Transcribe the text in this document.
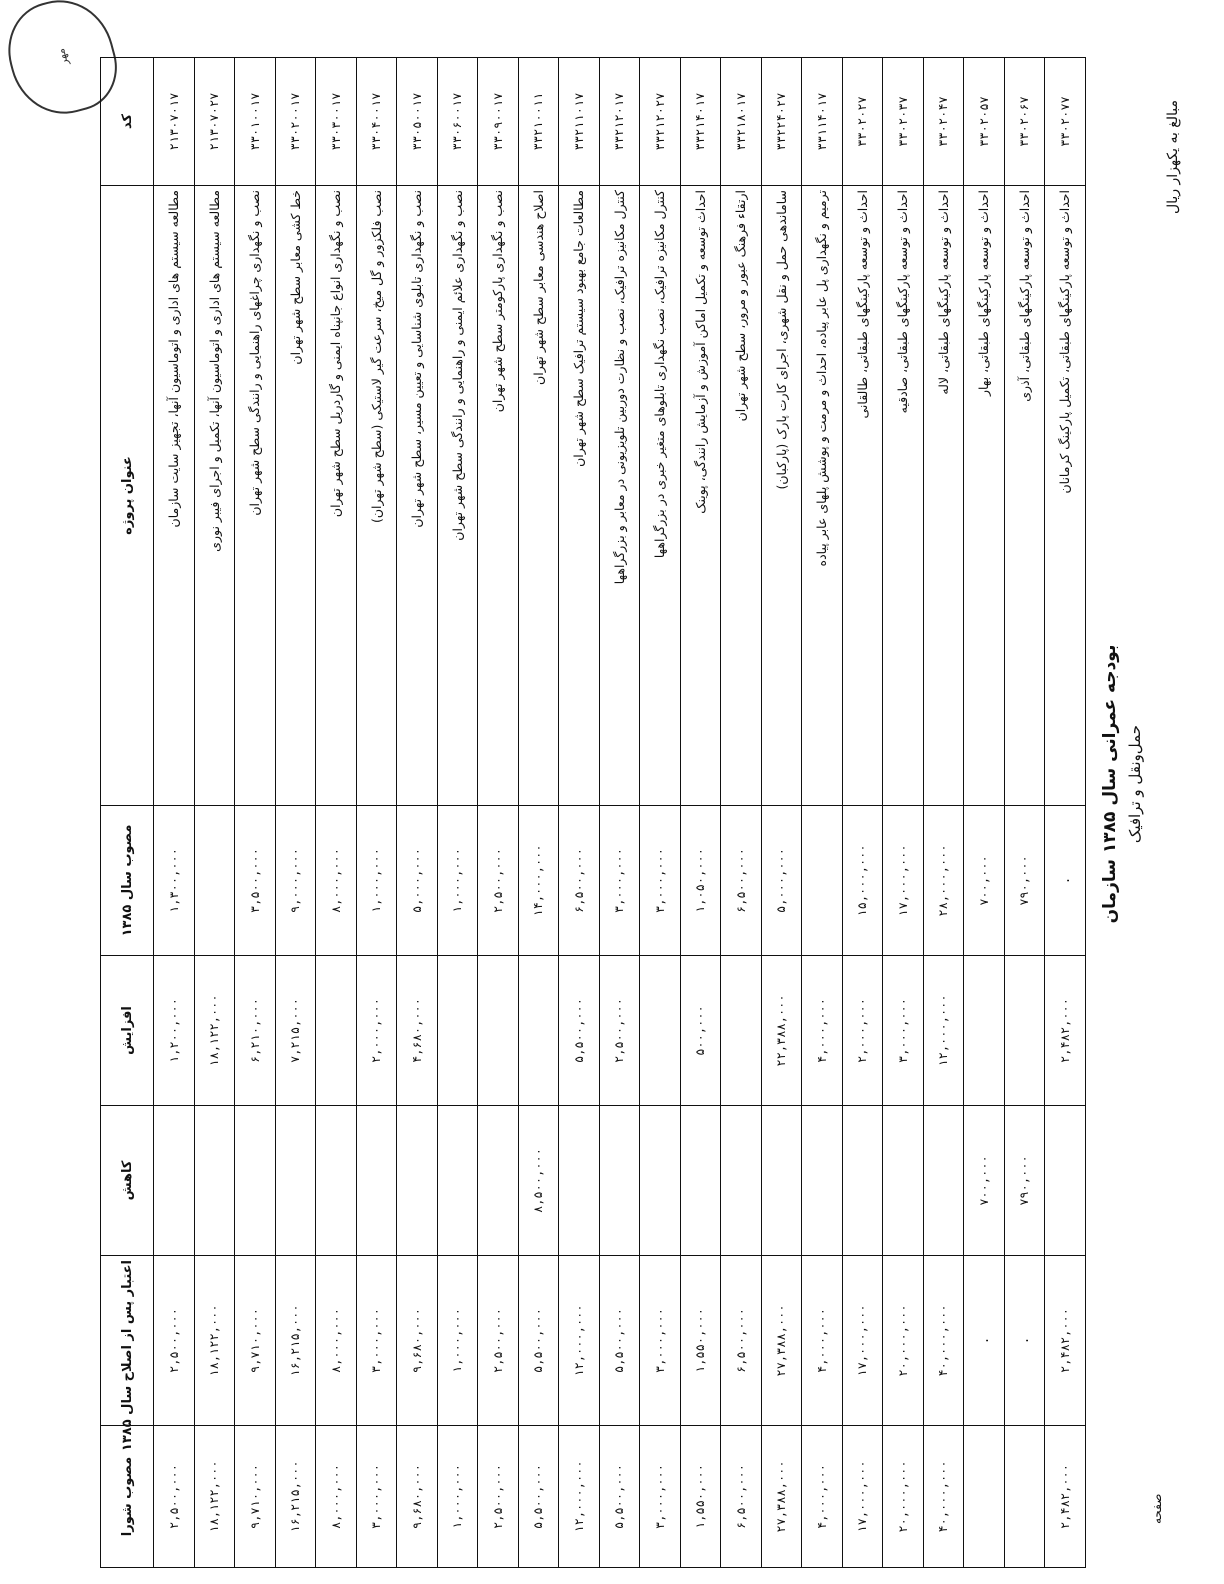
مهر
بودجه عمرانی سال ۱۳۸۵ سازمان حمل‌ونقل و ترافیک
مبالغ به یکهزار ریال
صفحه
کد	عنوان پروژه	مصوب سال ۱۳۸۵	افزایش	کاهش	اعتبار پس از اصلاح سال ۱۳۸۵	مصوب شورا
۲۱۳۰۷۰۱۷	مطالعه سیستم های اداری و اتوماسیون آنها، تجهیز سایت سازمان	۱,۳۰۰,۰۰۰	۱,۲۰۰,۰۰۰		۲,۵۰۰,۰۰۰	۲,۵۰۰,۰۰۰
۲۱۳۰۷۰۲۷	مطالعه سیستم های اداری و اتوماسیون آنها، تکمیل و اجرای فیبر نوری		۱۸,۱۲۲,۰۰۰		۱۸,۱۲۲,۰۰۰	۱۸,۱۲۲,۰۰۰
۳۳۰۱۰۰۱۷	نصب و نگهداری چراغهای راهنمایی و رانندگی سطح شهر تهران	۳,۵۰۰,۰۰۰	۶,۲۱۰,۰۰۰		۹,۷۱۰,۰۰۰	۹,۷۱۰,۰۰۰
۳۳۰۲۰۰۱۷	خط کشی معابر سطح شهر تهران	۹,۰۰۰,۰۰۰	۷,۲۱۵,۰۰۰		۱۶,۲۱۵,۰۰۰	۱۶,۲۱۵,۰۰۰
۳۳۰۳۰۰۱۷	نصب و نگهداری انواع جانپناه ایمنی و گاردریل سطح شهر تهران	۸,۰۰۰,۰۰۰			۸,۰۰۰,۰۰۰	۸,۰۰۰,۰۰۰
۳۳۰۴۰۰۱۷	نصب فلکزور و گل میخ، سرعت گیر لاستیکی (سطح شهر تهران)	۱,۰۰۰,۰۰۰	۲,۰۰۰,۰۰۰		۳,۰۰۰,۰۰۰	۳,۰۰۰,۰۰۰
۳۳۰۵۰۰۱۷	نصب و نگهداری تابلوی شناسایی و تعیین مسیر، سطح شهر تهران	۵,۰۰۰,۰۰۰	۴,۶۸۰,۰۰۰		۹,۶۸۰,۰۰۰	۹,۶۸۰,۰۰۰
۳۳۰۶۰۰۱۷	نصب و نگهداری علائم ایمنی و راهنمایی و رانندگی سطح شهر تهران	۱,۰۰۰,۰۰۰			۱,۰۰۰,۰۰۰	۱,۰۰۰,۰۰۰
۳۳۰۹۰۰۱۷	نصب و نگهداری پارکومتر سطح شهر تهران	۲,۵۰۰,۰۰۰			۲,۵۰۰,۰۰۰	۲,۵۰۰,۰۰۰
۳۳۲۱۰۰۱۱	اصلاح هندسی معابر سطح شهر تهران	۱۴,۰۰۰,۰۰۰		۸,۵۰۰,۰۰۰	۵,۵۰۰,۰۰۰	۵,۵۰۰,۰۰۰
۳۳۲۱۱۰۱۷	مطالعات جامع بهبود سیستم ترافیک سطح شهر تهران	۶,۵۰۰,۰۰۰	۵,۵۰۰,۰۰۰		۱۲,۰۰۰,۰۰۰	۱۲,۰۰۰,۰۰۰
۳۳۲۱۲۰۱۷	کنترل مکانیزه ترافیک، نصب و نظارت دوربین تلویزیونی در معابر و بزرگراهها	۳,۰۰۰,۰۰۰	۲,۵۰۰,۰۰۰		۵,۵۰۰,۰۰۰	۵,۵۰۰,۰۰۰
۳۳۲۱۲۰۲۷	کنترل مکانیزه ترافیک، نصب نگهداری تابلوهای متغیر خبری در بزرگراهها	۳,۰۰۰,۰۰۰			۳,۰۰۰,۰۰۰	۳,۰۰۰,۰۰۰
۳۳۲۱۴۰۱۷	احداث توسعه و تکمیل اماکن آموزش و آزمایش رانندگی، پوینک	۱,۰۵۰,۰۰۰	۵۰۰,۰۰۰		۱,۵۵۰,۰۰۰	۱,۵۵۰,۰۰۰
۳۳۲۱۸۰۱۷	ارتقاء فرهنگ عبور و مرور، سطح شهر تهران	۶,۵۰۰,۰۰۰			۶,۵۰۰,۰۰۰	۶,۵۰۰,۰۰۰
۳۳۲۲۴۰۲۷	ساماندهی حمل و نقل شهری، اجرای کارت پارک (پارکبان)	۵,۰۰۰,۰۰۰	۲۲,۳۸۸,۰۰۰		۲۷,۳۸۸,۰۰۰	۲۷,۳۸۸,۰۰۰
۳۳۱۱۴۰۱۷	ترمیم و نگهداری پل عابر پیاده، احداث و مرمت و پوشش پلهای عابر پیاده		۴,۰۰۰,۰۰۰		۴,۰۰۰,۰۰۰	۴,۰۰۰,۰۰۰
۳۳۰۲۰۲۷	احداث و توسعه پارکینگهای طبقاتی، طالقانی	۱۵,۰۰۰,۰۰۰	۲,۰۰۰,۰۰۰		۱۷,۰۰۰,۰۰۰	۱۷,۰۰۰,۰۰۰
۳۳۰۲۰۳۷	احداث و توسعه پارکینگهای طبقاتی، صادقیه	۱۷,۰۰۰,۰۰۰	۳,۰۰۰,۰۰۰		۲۰,۰۰۰,۰۰۰	۲۰,۰۰۰,۰۰۰
۳۳۰۲۰۴۷	احداث و توسعه پارکینگهای طبقاتی، لاله	۲۸,۰۰۰,۰۰۰	۱۲,۰۰۰,۰۰۰		۴۰,۰۰۰,۰۰۰	۴۰,۰۰۰,۰۰۰
۳۳۰۲۰۵۷	احداث و توسعه پارکینگهای طبقاتی، بهار	۷۰۰,۰۰۰		۷۰۰,۰۰۰	.	
۳۳۰۲۰۶۷	احداث و توسعه پارکینگهای طبقاتی، آذری	۷۹۰,۰۰۰		۷۹۰,۰۰۰	.	
۳۳۰۲۰۷۷	احداث و توسعه پارکینگهای طبقاتی، تکمیل پارکینگ کرمانان	.	۲,۴۸۲,۰۰۰		۲,۴۸۲,۰۰۰	۲,۴۸۲,۰۰۰
